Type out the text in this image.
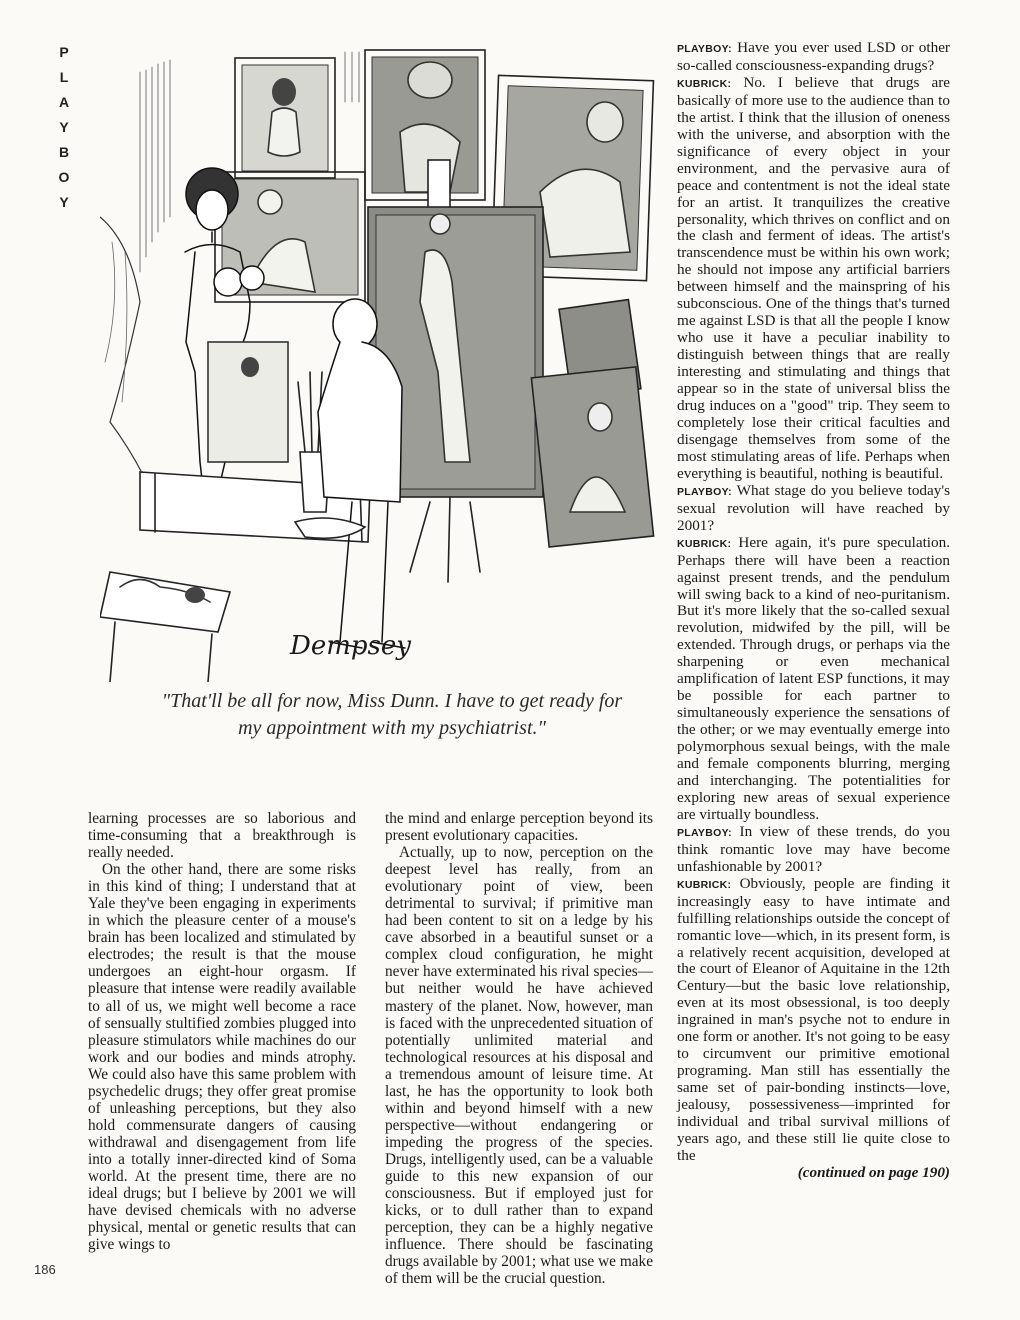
P
L
A
Y
B
O
Y
Dempsey
"That'll be all for now, Miss Dunn. I have to get ready for my appointment with my psychiatrist."

learning processes are so laborious and time-consuming that a breakthrough is really needed.

On the other hand, there are some risks in this kind of thing; I understand that at Yale they've been engaging in experiments in which the pleasure center of a mouse's brain has been localized and stimulated by electrodes; the result is that the mouse undergoes an eight-hour orgasm. If pleasure that intense were readily available to all of us, we might well become a race of sensually stultified zombies plugged into pleasure stimulators while machines do our work and our bodies and minds atrophy. We could also have this same problem with psychedelic drugs; they offer great promise of unleashing perceptions, but they also hold commensurate dangers of causing withdrawal and disengagement from life into a totally inner-directed kind of Soma world. At the present time, there are no ideal drugs; but I believe by 2001 we will have devised chemicals with no adverse physical, mental or genetic results that can give wings to

the mind and enlarge perception beyond its present evolutionary capacities.

Actually, up to now, perception on the deepest level has really, from an evolutionary point of view, been detrimental to survival; if primitive man had been content to sit on a ledge by his cave absorbed in a beautiful sunset or a complex cloud configuration, he might never have exterminated his rival species—but neither would he have achieved mastery of the planet. Now, however, man is faced with the unprecedented situation of potentially unlimited material and technological resources at his disposal and a tremendous amount of leisure time. At last, he has the opportunity to look both within and beyond himself with a new perspective—without endangering or impeding the progress of the species. Drugs, intelligently used, can be a valuable guide to this new expansion of our consciousness. But if employed just for kicks, or to dull rather than to expand perception, they can be a highly negative influence. There should be fascinating drugs available by 2001; what use we make of them will be the crucial question.

PLAYBOY: Have you ever used LSD or other so-called consciousness-expanding drugs?

KUBRICK: No. I believe that drugs are basically of more use to the audience than to the artist. I think that the illusion of oneness with the universe, and absorption with the significance of every object in your environment, and the pervasive aura of peace and contentment is not the ideal state for an artist. It tranquilizes the creative personality, which thrives on conflict and on the clash and ferment of ideas. The artist's transcendence must be within his own work; he should not impose any artificial barriers between himself and the mainspring of his subconscious. One of the things that's turned me against LSD is that all the people I know who use it have a peculiar inability to distinguish between things that are really interesting and stimulating and things that appear so in the state of universal bliss the drug induces on a "good" trip. They seem to completely lose their critical faculties and disengage themselves from some of the most stimulating areas of life. Perhaps when everything is beautiful, nothing is beautiful.

PLAYBOY: What stage do you believe today's sexual revolution will have reached by 2001?

KUBRICK: Here again, it's pure speculation. Perhaps there will have been a reaction against present trends, and the pendulum will swing back to a kind of neo-puritanism. But it's more likely that the so-called sexual revolution, midwifed by the pill, will be extended. Through drugs, or perhaps via the sharpening or even mechanical amplification of latent ESP functions, it may be possible for each partner to simultaneously experience the sensations of the other; or we may eventually emerge into polymorphous sexual beings, with the male and female components blurring, merging and interchanging. The potentialities for exploring new areas of sexual experience are virtually boundless.

PLAYBOY: In view of these trends, do you think romantic love may have become unfashionable by 2001?

KUBRICK: Obviously, people are finding it increasingly easy to have intimate and fulfilling relationships outside the concept of romantic love—which, in its present form, is a relatively recent acquisition, developed at the court of Eleanor of Aquitaine in the 12th Century—but the basic love relationship, even at its most obsessional, is too deeply ingrained in man's psyche not to endure in one form or another. It's not going to be easy to circumvent our primitive emotional programing. Man still has essentially the same set of pair-bonding instincts—love, jealousy, possessiveness—imprinted for individual and tribal survival millions of years ago, and these still lie quite close to the

(continued on page 190)

186
